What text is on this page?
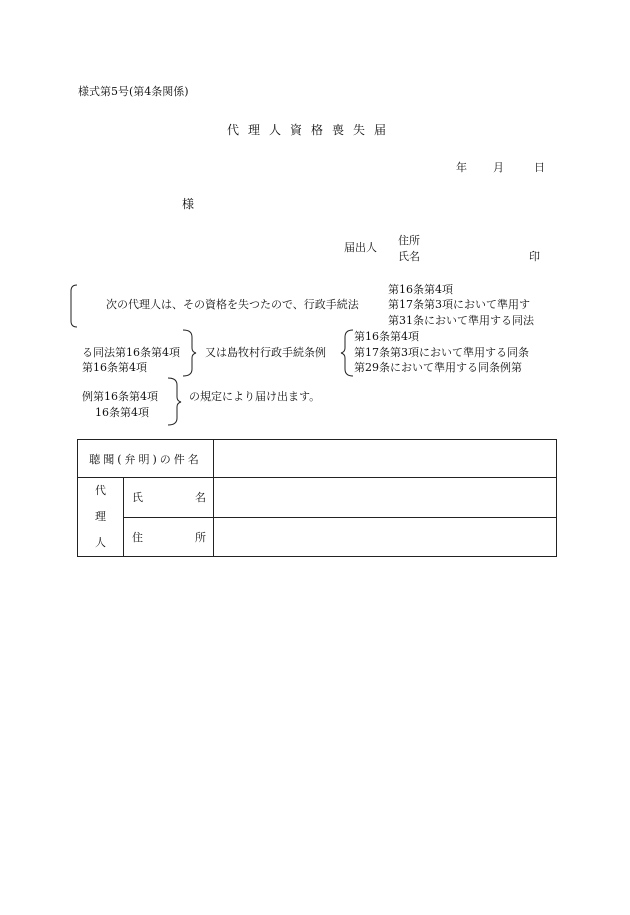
様式第5号(第4条関係)
代理人資格喪失届
年 月	日
様
届出人
住所
氏名	印
第16条第4項
次の代理人は、その資格を失つたので、行政手続法	第17条第3項において準用す
第31条において準用する同法
第16条第4項
る同法第16条第4項 又は島牧村行政手続条例	第17条第3項において準用する同条
第16条第4項	第29条において準用する同条例第
例第16条第4項	の規定により届け出ます。
16条第4項
聴聞(弁明)の件名		

代
理
人	氏 名	

	住 所	
